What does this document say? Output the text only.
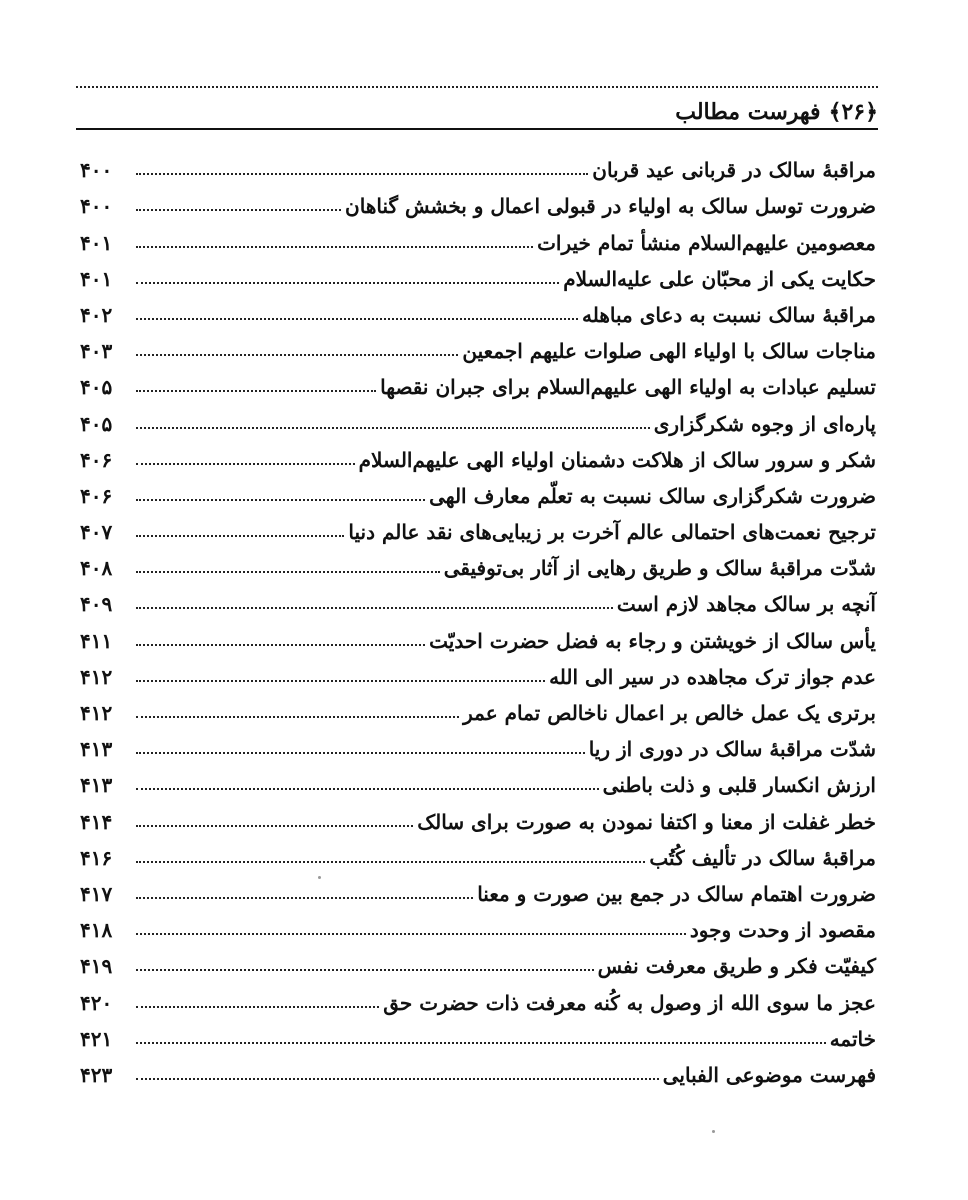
﴿۲۶﴾
فهرست مطالب
مراقبهٔ سالک در قربانی عید قربان
۴۰۰
ضرورت توسل سالک به اولیاء در قبولی اعمال و بخشش گناهان
۴۰۰
معصومین علیهم‌السلام منشأ تمام خیرات
۴۰۱
حکایت یکی از محبّان علی علیه‌السلام
۴۰۱
مراقبهٔ سالک نسبت به دعای مباهله
۴۰۲
مناجات سالک با اولیاء الهی صلوات علیهم اجمعین
۴۰۳
تسلیم عبادات به اولیاء الهی علیهم‌السلام برای جبران نقصها
۴۰۵
پاره‌ای از وجوه شکرگزاری
۴۰۵
شکر و سرور سالک از هلاکت دشمنان اولیاء الهی علیهم‌السلام
۴۰۶
ضرورت شکرگزاری سالک نسبت به تعلّم معارف الهی
۴۰۶
ترجیح نعمت‌های احتمالی عالم آخرت بر زیبایی‌های نقد عالم دنیا
۴۰۷
شدّت مراقبهٔ سالک و طریق رهایی از آثار بی‌توفیقی
۴۰۸
آنچه بر سالک مجاهد لازم است
۴۰۹
یأس سالک از خویشتن و رجاء به فضل حضرت احدیّت
۴۱۱
عدم جواز ترک مجاهده در سیر الی الله
۴۱۲
برتری یک عمل خالص بر اعمال ناخالص تمام عمر
۴۱۲
شدّت مراقبهٔ سالک در دوری از ریا
۴۱۳
ارزش انکسار قلبی و ذلت باطنی
۴۱۳
خطر غفلت از معنا و اکتفا نمودن به صورت برای سالک
۴۱۴
مراقبهٔ سالک در تألیف کُتُب
۴۱۶
ضرورت اهتمام سالک در جمع بین صورت و معنا
۴۱۷
مقصود از وحدت وجود
۴۱۸
کیفیّت فکر و طریق معرفت نفس
۴۱۹
عجز ما سوی الله از وصول به کُنه معرفت ذات حضرت حق
۴۲۰
خاتمه
۴۲۱
فهرست موضوعی الفبایی
۴۲۳
